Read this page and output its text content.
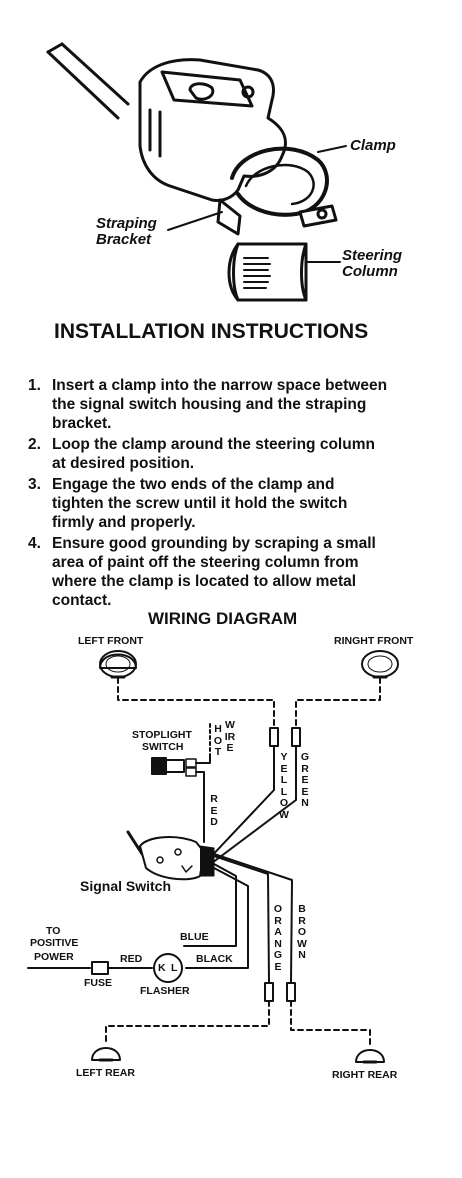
Clamp
Straping
Bracket
Steering
Column
INSTALLATION INSTRUCTIONS
1. Insert a clamp into the narrow space between
the signal switch housing and the straping
bracket.
2. Loop the clamp around the steering column
at desired position.
3. Engage the two ends of the clamp and
tighten the screw until it hold the switch
firmly and properly.
4. Ensure good grounding by scraping a small
area of paint off the steering column from
where the clamp is located to allow metal
contact.
WIRING DIAGRAM
LEFT FRONT	RINGHT FRONT
STOPLIGHT
SWITCH
HOT
WIRE
RED
YELLOW
GREEN
Signal Switch
TO
POSITIVE
POWER
FUSE
RED
BLUE
BLACK
K L
FLASHER
ORANGE
BROWN
LEFT REAR	RIGHT REAR
